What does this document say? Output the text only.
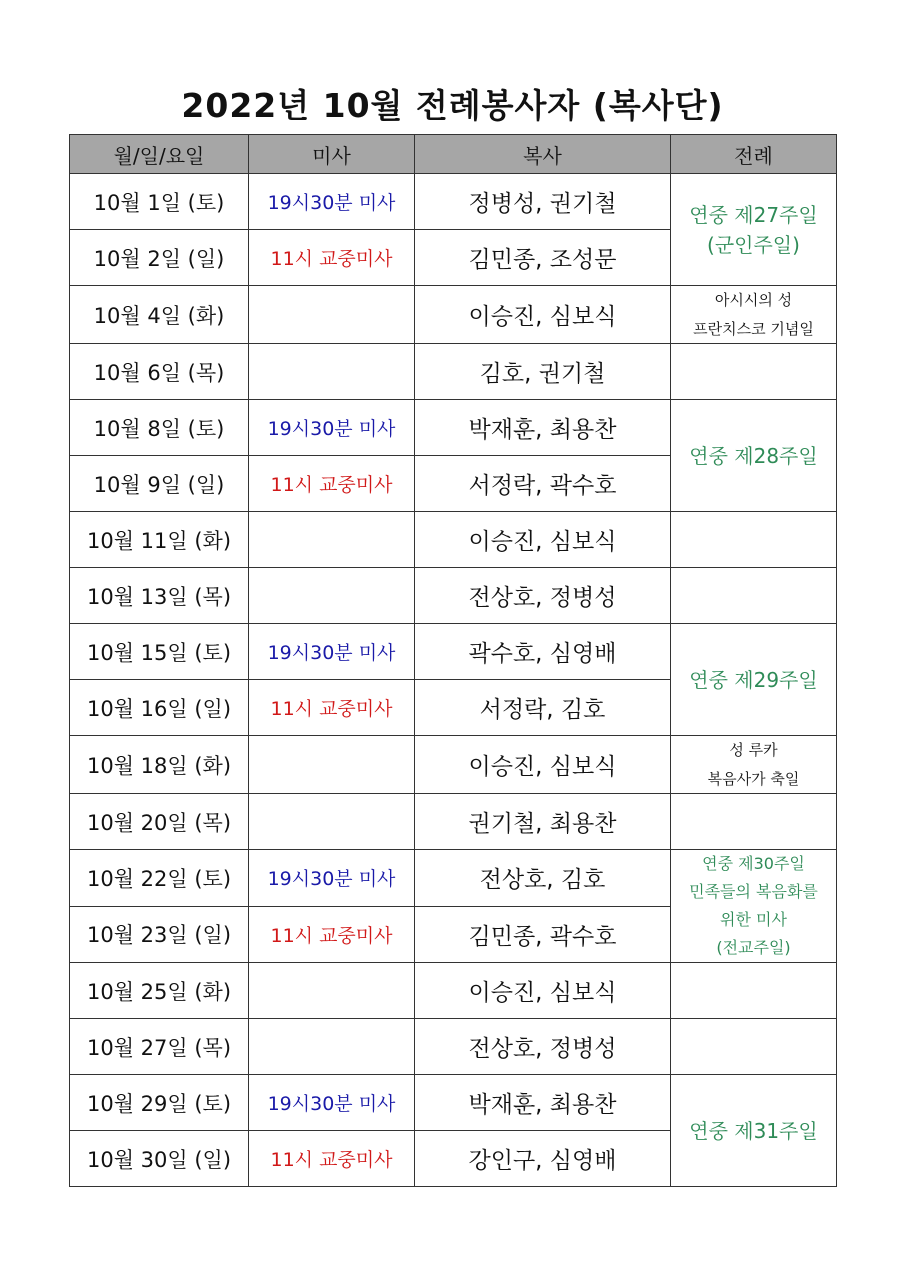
2022년 10월 전례봉사자 (복사단)
월/일/요일	미사	복사	전례
10월 1일 (토)	19시30분 미사	정병성, 권기철	연중 제27주일
(군인주일)

10월 2일 (일)	11시 교중미사	김민종, 조성문	
10월 4일 (화)		이승진, 심보식	아시시의 성
프란치스코 기념일

10월 6일 (목)		김호, 권기철	
10월 8일 (토)	19시30분 미사	박재훈, 최용찬	연중 제28주일

10월 9일 (일)	11시 교중미사	서정락, 곽수호	
10월 11일 (화)		이승진, 심보식	
10월 13일 (목)		전상호, 정병성	
10월 15일 (토)	19시30분 미사	곽수호, 심영배	연중 제29주일

10월 16일 (일)	11시 교중미사	서정락, 김호	
10월 18일 (화)		이승진, 심보식	성 루카
복음사가 축일

10월 20일 (목)		권기철, 최용찬	
10월 22일 (토)	19시30분 미사	전상호, 김호	연중 제30주일
민족들의 복음화를
위한 미사
(전교주일)

10월 23일 (일)	11시 교중미사	김민종, 곽수호	
10월 25일 (화)		이승진, 심보식	
10월 27일 (목)		전상호, 정병성	
10월 29일 (토)	19시30분 미사	박재훈, 최용찬	연중 제31주일

10월 30일 (일)	11시 교중미사	강인구, 심영배	
